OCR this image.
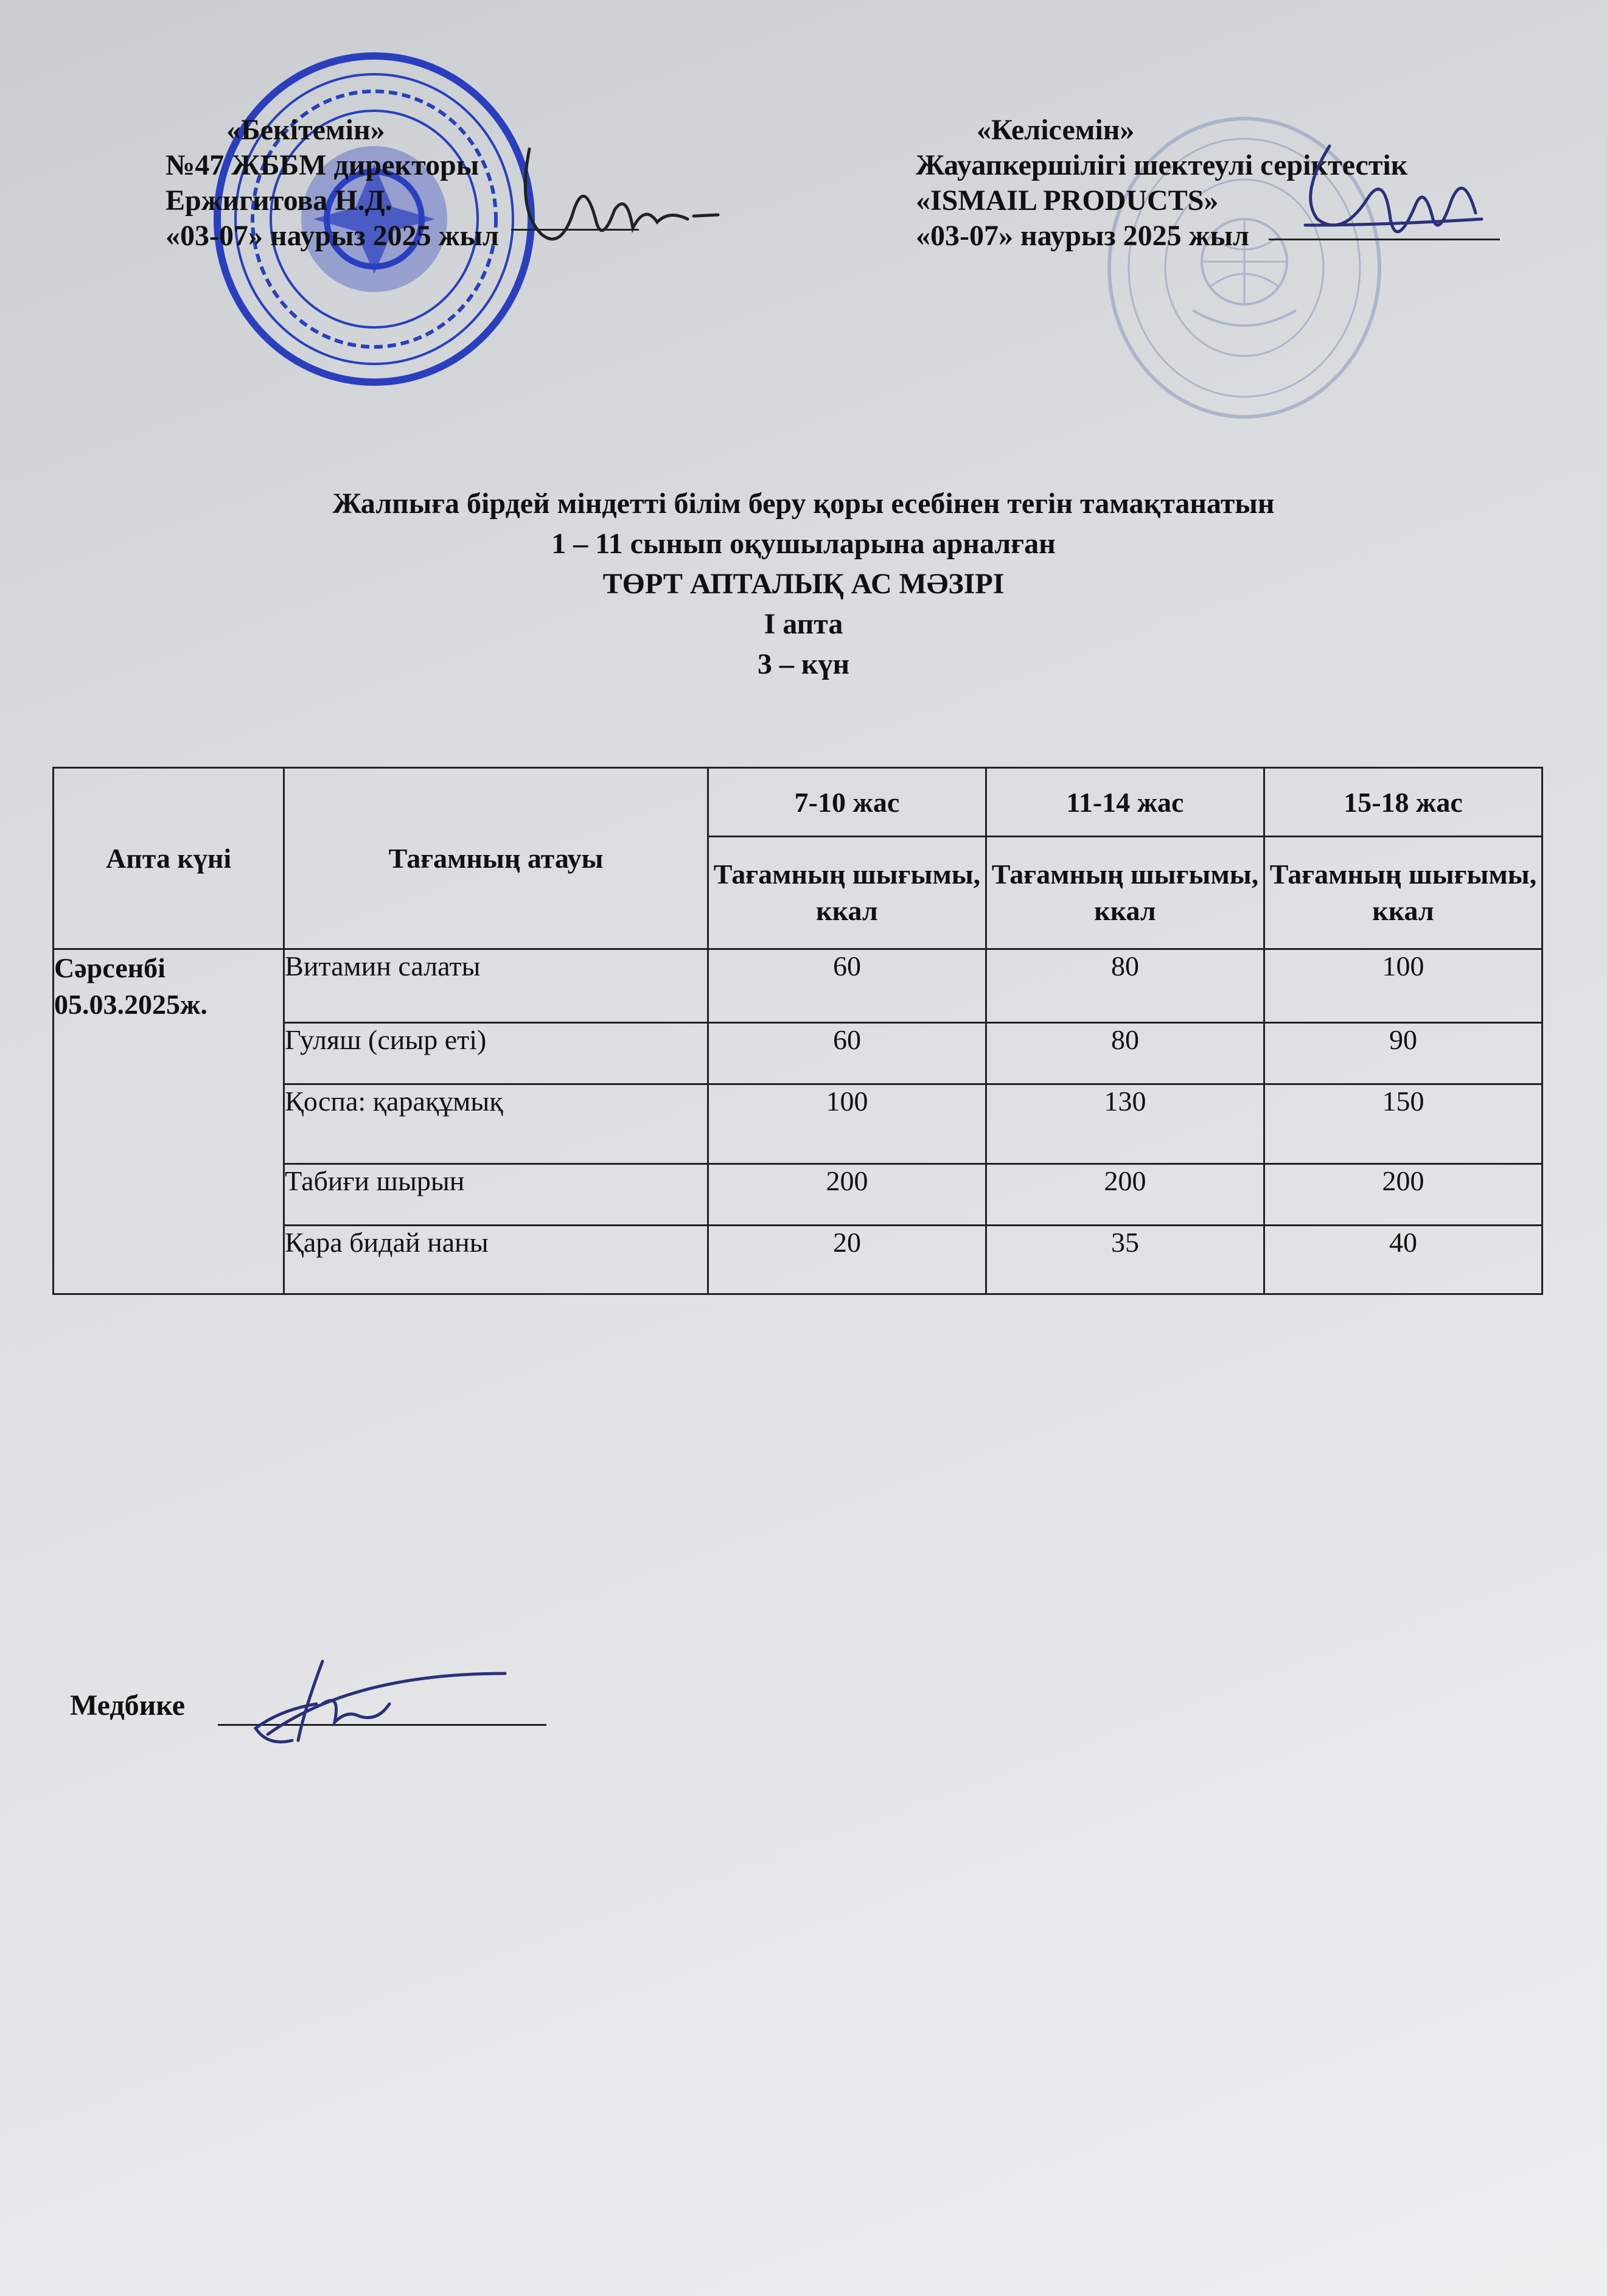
«Бекітемін»
№47 ЖББМ директоры
Ержигитова Н.Д.
«03-07» наурыз 2025 жыл
«Келісемін»
Жауапкершілігі шектеулі серіктестік
«ISMAIL PRODUCTS»
«03-07» наурыз 2025 жыл
Жалпыға бірдей міндетті білім беру қоры есебінен тегін тамақтанатын
1 – 11 сынып оқушыларына арналған
ТӨРТ АПТАЛЫҚ АС МӘЗІРІ
I апта
3 – күн
Апта күні	Тағамның атауы	7-10 жас	11-14 жас	15-18 жас
		Тағамның шығымы, ккал	Тағамның шығымы, ккал	Тағамның шығымы, ккал

Сәрсенбі
05.03.2025ж.	Витамин салаты	60	80	100
	Гуляш (сиыр еті)	60	80	90
	Қоспа: қарақұмық	100	130	150
	Табиғи шырын	200	200	200
	Қара бидай наны	20	35	40
Медбике
